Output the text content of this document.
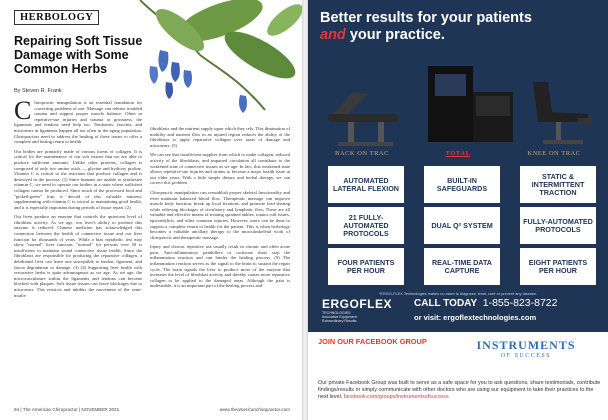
HERBOLOGY
Repairing Soft Tissue Damage with Some Common Herbs
By Steven R. Frank

Chiropractic manipulation is an essential foundation for correcting problems of use. Massage can release troubled trauma and support proper muscle balance. Often in repetitive-use injuries and trauma or grossness, the ligaments and tendons need help too. Tendonitis, fasciitis, and microtears in ligaments happen all too often in the aging population. Chiropractors need to address the healing of these issues to offer a complete and lasting return to health.

Our bodies are primarily made of various forms of collagen. It is critical for the maintenance of our soft tissues that we are able to produce sufficient amounts. Unlike other proteins, collagen is comprised of only two amino acids — glycine and hydroxy proline. Vitamin C is critical to the reactions that produce collagen and is destroyed in the process. (1) Since humans are unable to synthesize vitamin C, we need to operate our bodies in a state where sufficient collagen cannot be produced. Since much of the processed food and "picked-green" fruit is devoid of this valuable nutrient, supplementing with vitamin C is critical to maintaining good health, and it is especially important during periods of tissue repair. (2)

Our liven produce an enzyme that controls the quiescent level of fibroblast activity. As we age, our liver's ability to produce this enzyme is reduced. Chinese medicine has acknowledged this connection between the health of connective tissue and our liver function for thousands of years. While a bias metabolic test may show "normal" liver function, "normal" for persons over 50 is insufficient to maintain sound connective tissue health. Since the fibroblasts are responsible for producing the reparative collagen, a debilitated liver can leave one susceptible to tendon, ligament, and fascia degradation or damage. (3) (4) Supporting liver health with restorative herbs is quite advantageous as we age. As we age, the microvasculature within the ligaments and tendons can become blocked with plaques. Soft tissue tissues can leave blockages due to microtears. This restricts and inhibits the movement of the semi-motile

fibroblasts and the nutrient supply upon which they rely. This diminution of mobility and nutrient flow in an injured region reduces the ability of the fibroblasts to apply reparative collagen over areas of damage and microtears. (5)

We can see that insufficient supplies from which to make collagen, reduced activity of the fibroblasts, and impaired circulation all contribute to the weakened state of connective tissues as we age. In fact, this weakened state allows repetitive-use injuries and strains to become a major health issue in our older years. With a little simple dietary and herbal therapy, we can correct this problem.

Chiropractic manipulation can reestablish proper skeletal functionality and even maintain balanced blood flow. Therapeutic massage can improve muscle body function, break up local fixations, and promote load sharing while relieving blockages of circulatory and lymphatic flow. These are all valuable and effective means of treating sprained ankles, rotator cuff issues, epicondylitis, and other common injuries. However, more can be done to support a complete return to health for the patient. This is when herbology becomes a valuable ancillary therapy to the musculoskeletal work of chiropractic and therapeutic massage.

Injury and chronic repetitive use usually result in chronic and often acute pain. Anti-inflammatory painkillers or cortisone shots stop the inflammation reaction and can hinder the healing process. (9) The inflammation reaction serves as the signal to the brain to sustain the repair cycle. The brain signals the liver to produce more of the enzyme that increases the level of fibroblast activity and thereby causes more reparative collagen to be applied to the damaged areas. Although the pain is undesirable, it is an important part of the healing process and

94 | The American Chiropractor | NOVEMBER 2021	www.theamericanchiropractor.com
Better results for your patients
and your practice.
BACK ON TRAC	TOTAL	KNEE ON TRAC
AUTOMATED LATERAL FLEXION
21 FULLY-AUTOMATED PROTOCOLS
FOUR PATIENTS PER HOUR
BUILT-IN SAFEGUARDS
DUAL Q² SYSTEM
REAL-TIME DATA CAPTURE
STATIC & INTERMITTENT TRACTION
FULLY-AUTOMATED PROTOCOLS
EIGHT PATIENTS PER HOUR
*ERGO-FLEX Technologies makes no claim to diagnose, treat, cure or prevent any disease.
ERGOFLEX
TECHNOLOGIES
Innovative Equipment.
Extraordinary Results.
CALL TODAY 1-855-823-8722
or visit: ergoflextechnologies.com
JOIN OUR FACEBOOK GROUP	INSTRUMENTS
OF SUCCESS
Our private Facebook Group was built to serve as a safe space for you to ask questions, share testimonials, contribute findings/results or simply communicate with other doctors who are using our equipment to take their practices to the next level. facebook.com/groups/instrumentsofsuccess
